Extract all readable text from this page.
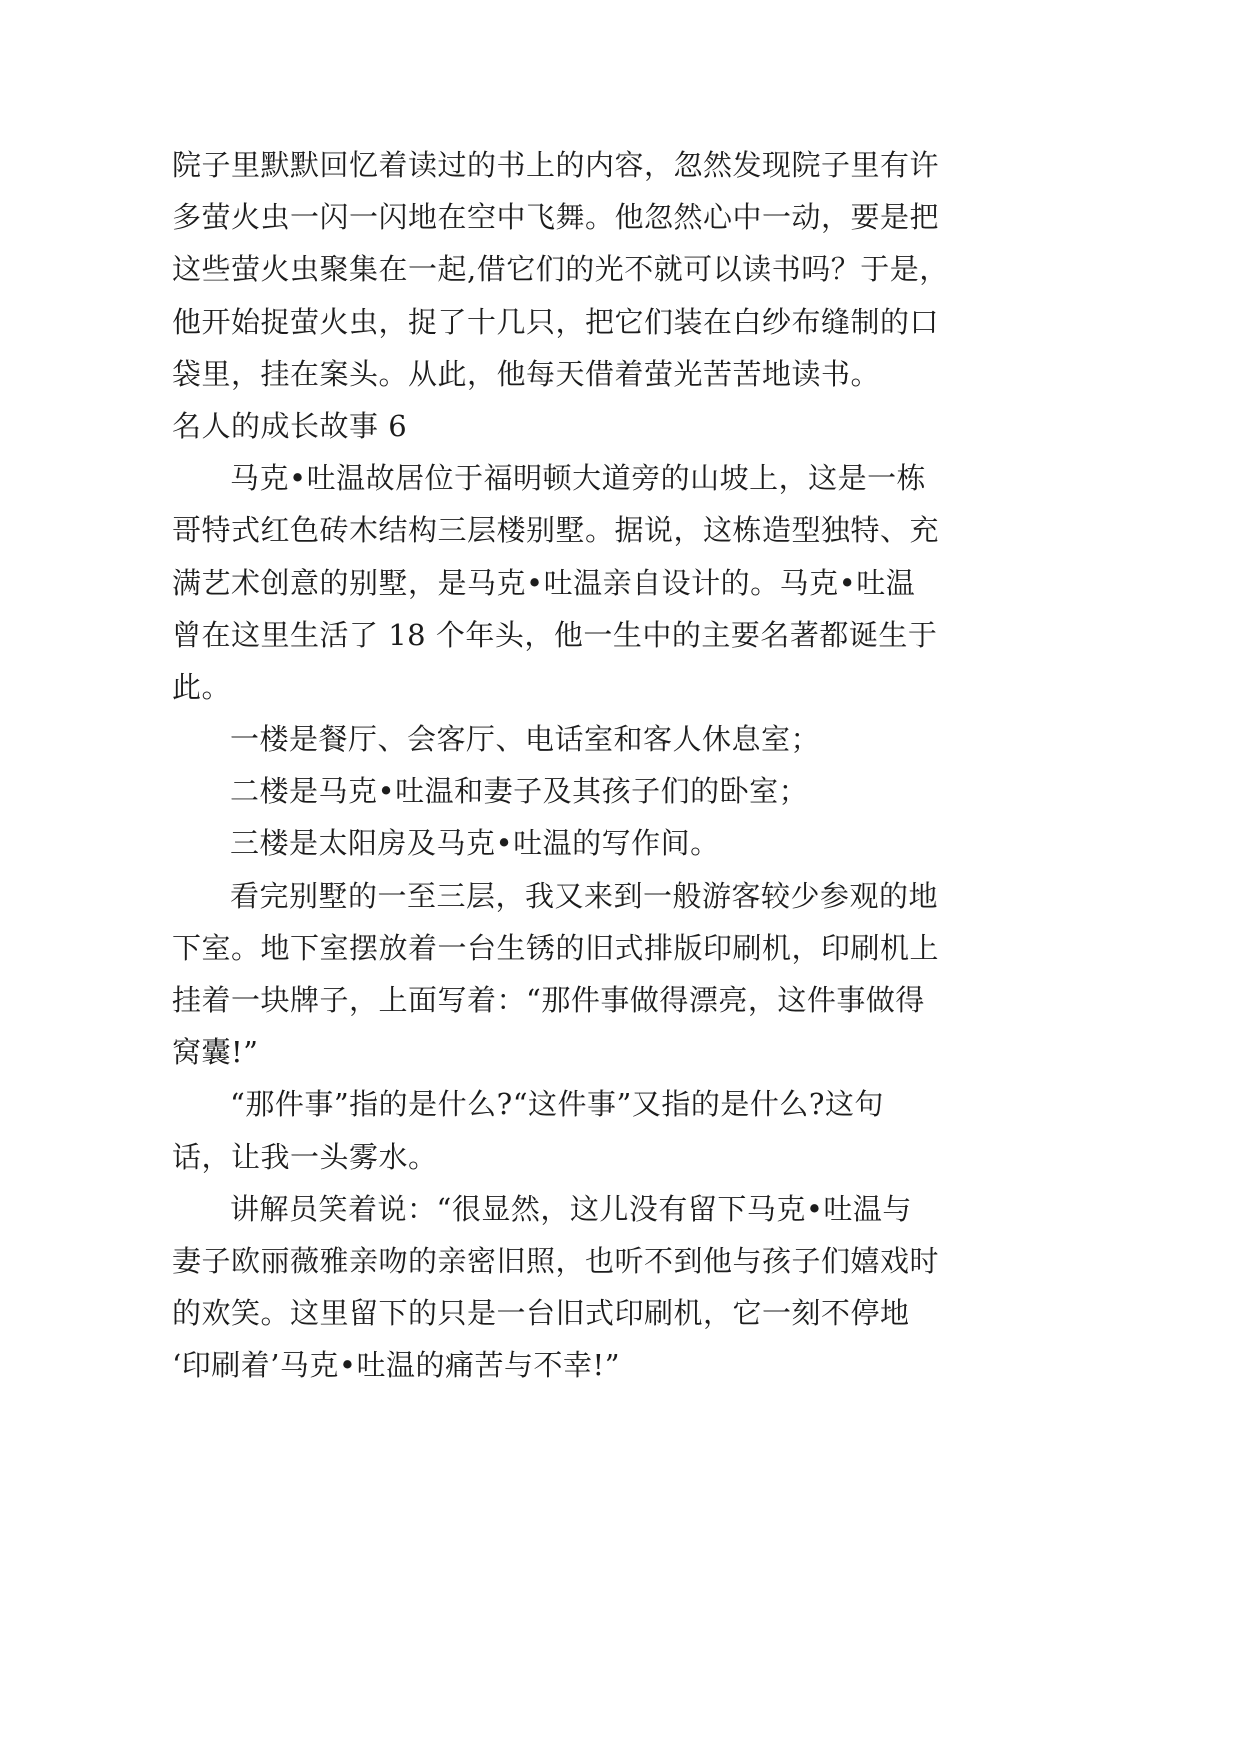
院子里默默回忆着读过的书上的内容，忽然发现院子里有许
多萤火虫一闪一闪地在空中飞舞。他忽然心中一动，要是把
这些萤火虫聚集在一起,借它们的光不就可以读书吗？于是，
他开始捉萤火虫，捉了十几只，把它们装在白纱布缝制的口
袋里，挂在案头。从此，他每天借着萤光苦苦地读书。
名人的成长故事 6
马克•吐温故居位于福明顿大道旁的山坡上，这是一栋
哥特式红色砖木结构三层楼别墅。据说，这栋造型独特、充
满艺术创意的别墅，是马克•吐温亲自设计的。马克•吐温
曾在这里生活了 18 个年头，他一生中的主要名著都诞生于
此。
一楼是餐厅、会客厅、电话室和客人休息室；
二楼是马克•吐温和妻子及其孩子们的卧室；
三楼是太阳房及马克•吐温的写作间。
看完别墅的一至三层，我又来到一般游客较少参观的地
下室。地下室摆放着一台生锈的旧式排版印刷机，印刷机上
挂着一块牌子，上面写着：“那件事做得漂亮，这件事做得
窝囊!”
“那件事”指的是什么?“这件事”又指的是什么?这句
话，让我一头雾水。
讲解员笑着说：“很显然，这儿没有留下马克•吐温与
妻子欧丽薇雅亲吻的亲密旧照，也听不到他与孩子们嬉戏时
的欢笑。这里留下的只是一台旧式印刷机，它一刻不停地
‘印刷着’马克•吐温的痛苦与不幸!”
